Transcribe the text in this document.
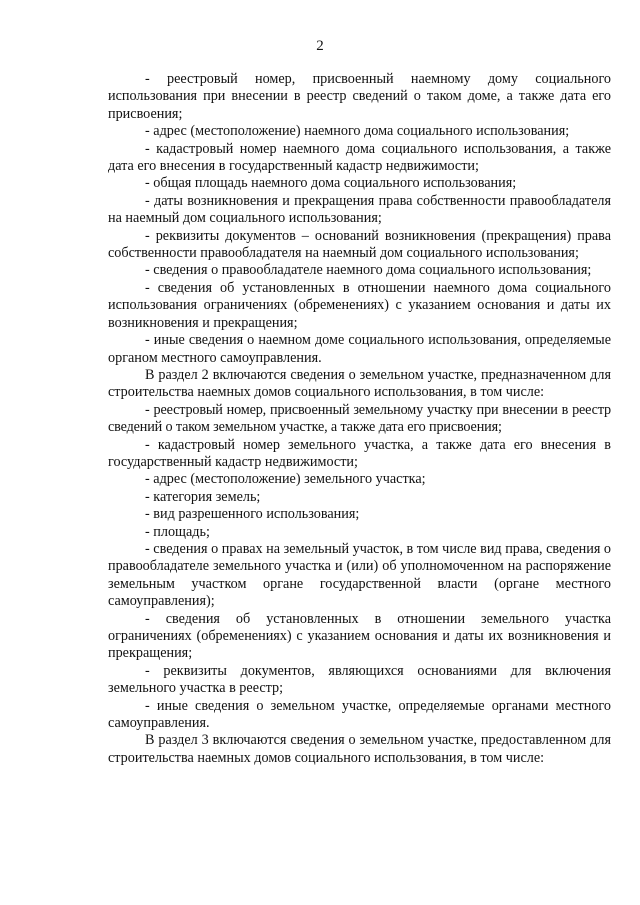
2

- реестровый номер, присвоенный наемному дому социального использования при внесении в реестр сведений о таком доме, а также дата его присвоения;

- адрес (местоположение) наемного дома социального использования;

- кадастровый номер наемного дома социального использования, а также дата его внесения в государственный кадастр недвижимости;

- общая площадь наемного дома социального использования;

- даты возникновения и прекращения права собственности правообладателя на наемный дом социального использования;

- реквизиты документов – оснований возникновения (прекращения) права собственности правообладателя на наемный дом социального использования;

- сведения о правообладателе наемного дома социального использования;

- сведения об установленных в отношении наемного дома социального использования ограничениях (обременениях) с указанием основания и даты их возникновения и прекращения;

- иные сведения о наемном доме социального использования, определяемые органом местного самоуправления.

В раздел 2 включаются сведения о земельном участке, предназначенном для строительства наемных домов социального использования, в том числе:

- реестровый номер, присвоенный земельному участку при внесении в реестр сведений о таком земельном участке, а также дата его присвоения;

- кадастровый номер земельного участка, а также дата его внесения в государственный кадастр недвижимости;

- адрес (местоположение) земельного участка;

- категория земель;

- вид разрешенного использования;

- площадь;

- сведения о правах на земельный участок, в том числе вид права, сведения о правообладателе земельного участка и (или) об уполномоченном на распоряжение земельным участком органе государственной власти (органе местного самоуправления);

- сведения об установленных в отношении земельного участка ограничениях (обременениях) с указанием основания и даты их возникновения и прекращения;

- реквизиты документов, являющихся основаниями для включения земельного участка в реестр;

- иные сведения о земельном участке, определяемые органами местного самоуправления.

В раздел 3 включаются сведения о земельном участке, предоставленном для строительства наемных домов социального использования, в том числе:
